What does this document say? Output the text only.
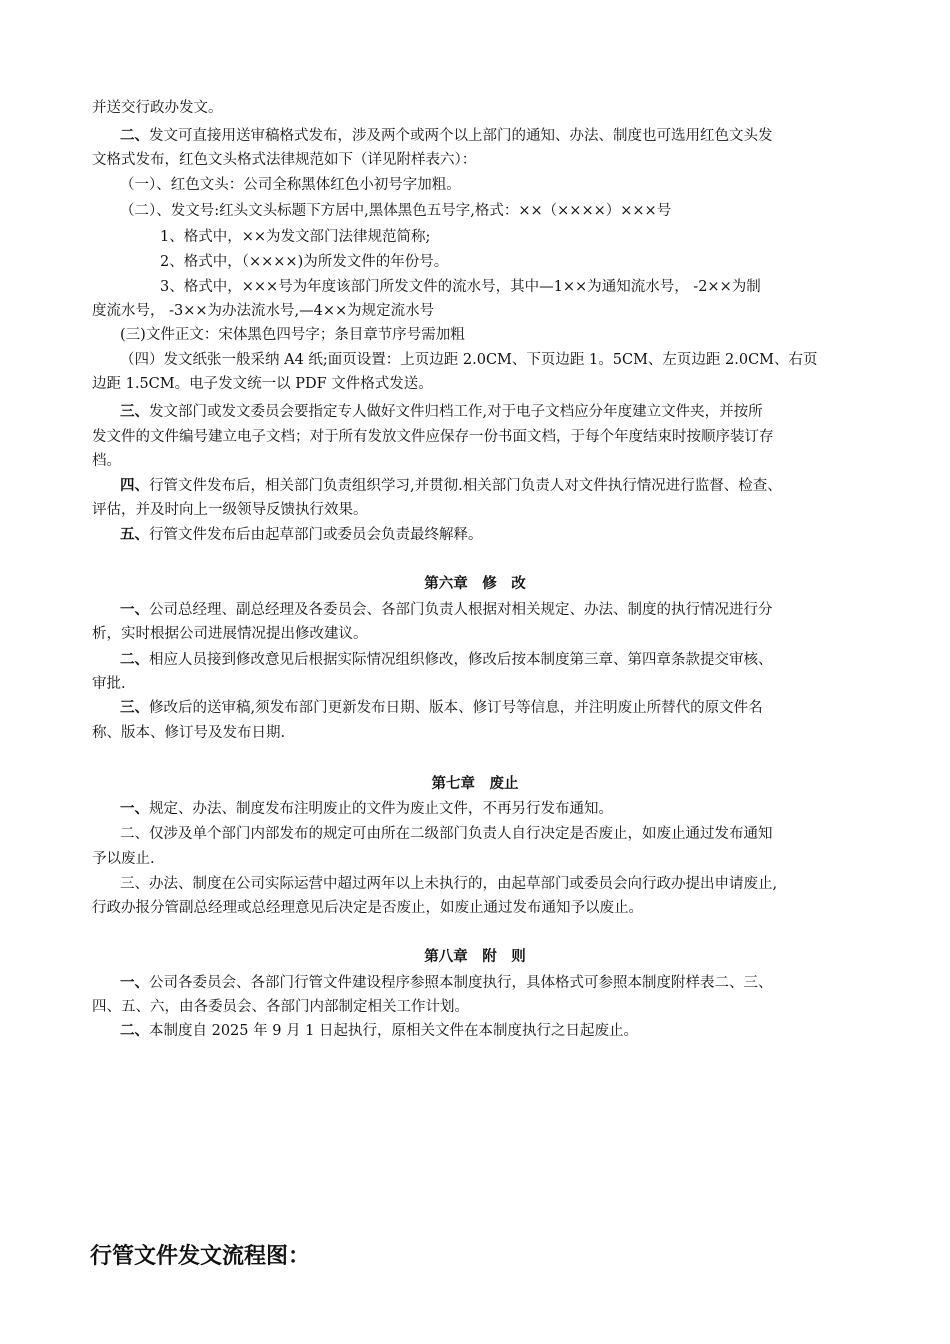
并送交行政办发文。
二、发文可直接用送审稿格式发布，涉及两个或两个以上部门的通知、办法、制度也可选用红色文头发
文格式发布，红色文头格式法律规范如下（详见附样表六）：
（一）、红色文头：公司全称黑体红色小初号字加粗。
（二）、发文号:红头文头标题下方居中,黑体黑色五号字,格式：××（××××）×××号
1、格式中，××为发文部门法律规范简称;
2、格式中，（××××)为所发文件的年份号。
3、格式中，×××号为年度该部门所发文件的流水号，其中—1××为通知流水号， -2××为制
度流水号， -3××为办法流水号,—4××为规定流水号
(三)文件正文：宋体黑色四号字；条目章节序号需加粗
（四）发文纸张一般采纳 A4 纸;面页设置：上页边距 2.0CM、下页边距 1。5CM、左页边距 2.0CM、右页
边距 1.5CM。电子发文统一以 PDF 文件格式发送。
三、发文部门或发文委员会要指定专人做好文件归档工作,对于电子文档应分年度建立文件夹，并按所
发文件的文件编号建立电子文档；对于所有发放文件应保存一份书面文档，于每个年度结束时按顺序装订存
档。
四、行管文件发布后，相关部门负责组织学习,并贯彻.相关部门负责人对文件执行情况进行监督、检查、
评估，并及时向上一级领导反馈执行效果。
五、行管文件发布后由起草部门或委员会负责最终解释。
第六章　修　改
一、公司总经理、副总经理及各委员会、各部门负责人根据对相关规定、办法、制度的执行情况进行分
析，实时根据公司进展情况提出修改建议。
二、相应人员接到修改意见后根据实际情况组织修改，修改后按本制度第三章、第四章条款提交审核、
审批.
三、修改后的送审稿,须发布部门更新发布日期、版本、修订号等信息，并注明废止所替代的原文件名
称、版本、修订号及发布日期.
第七章　废止
一、规定、办法、制度发布注明废止的文件为废止文件，不再另行发布通知。
二、仅涉及单个部门内部发布的规定可由所在二级部门负责人自行决定是否废止，如废止通过发布通知
予以废止.
三、办法、制度在公司实际运营中超过两年以上未执行的，由起草部门或委员会向行政办提出申请废止,
行政办报分管副总经理或总经理意见后决定是否废止，如废止通过发布通知予以废止。
第八章　附　则
一、公司各委员会、各部门行管文件建设程序参照本制度执行，具体格式可参照本制度附样表二、三、
四、五、六，由各委员会、各部门内部制定相关工作计划。
二、本制度自 2025 年 9 月 1 日起执行，原相关文件在本制度执行之日起废止。
行管文件发文流程图：
